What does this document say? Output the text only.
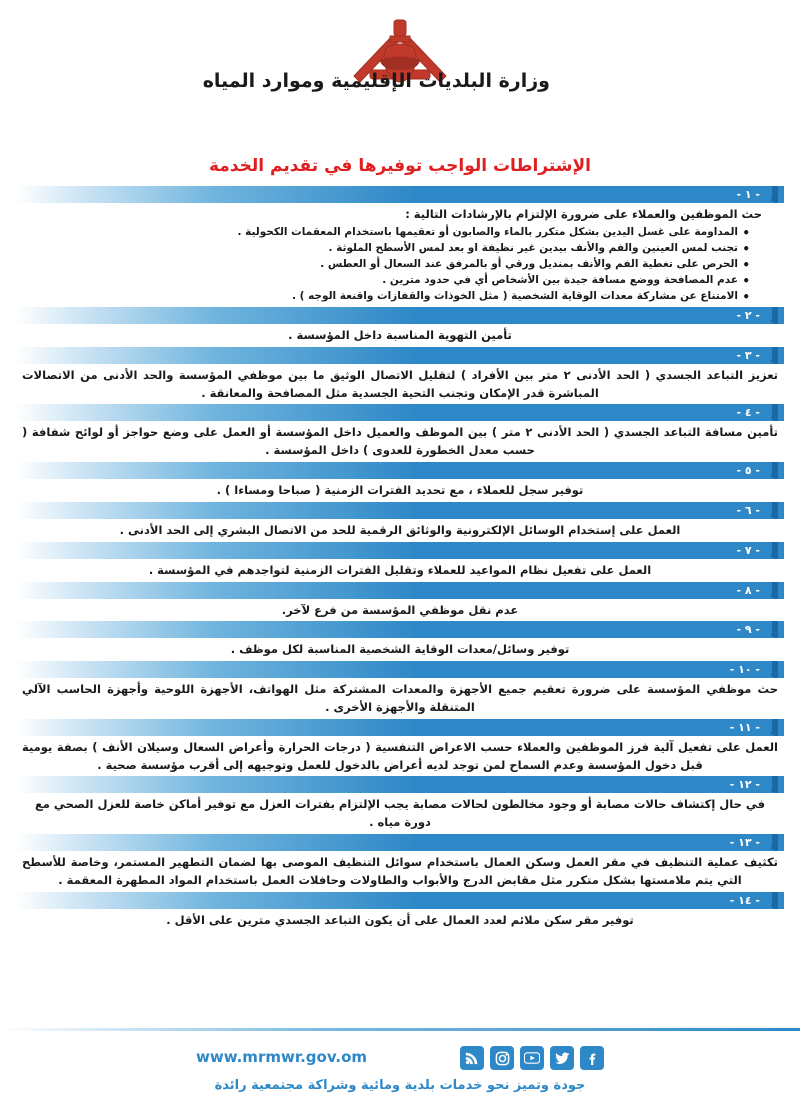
وزارة البلديات الإقليمية وموارد المياه
الإشتراطات الواجب توفيرها في تقديم الخدمة
- ١ -
حث الموظفين والعملاء على ضرورة الإلتزام بالإرشادات التالية :
• المداومة على غسل اليدين بشكل متكرر بالماء والصابون أو تعقيمها باستخدام المعقمات الكحولية .
• تجنب لمس العينين والفم والأنف بيدين غير نظيفة او بعد لمس الأسطح الملوثة .
• الحرص على تغطية الفم والأنف بمنديل ورقي أو بالمرفق عند السعال أو العطس .
• عدم المصافحة ووضع مسافة جيدة بين الأشخاص أي في حدود مترين .
• الامتناع عن مشاركة معدات الوقاية الشخصية ( مثل الخوذات والقفازات واقنعة الوجه ) .
- ٢ -
تأمين التهوية المناسبة داخل المؤسسة .
- ٣ -
تعزيز التباعد الجسدي ( الحد الأدنى ٢ متر بين الأفراد ) لتقليل الاتصال الوثيق ما بين موظفي المؤسسة والحد الأدنى من الاتصالات المباشرة قدر الإمكان وتجنب التحية الجسدية مثل المصافحة والمعانقة .
- ٤ -
تأمين مسافة التباعد الجسدي ( الحد الأدنى ٢ متر ) بين الموظف والعميل داخل المؤسسة أو العمل على وضع حواجز أو لوائح شفافة ( حسب معدل الخطورة للعدوى ) داخل المؤسسة .
- ٥ -
توفير سجل للعملاء ، مع تحديد الفترات الزمنية ( صباحا ومساءا ) .
- ٦ -
العمل على إستخدام الوسائل الإلكترونية والوثائق الرقمية للحد من الاتصال البشري إلى الحد الأدنى .
- ٧ -
العمل على تفعيل نظام المواعيد للعملاء وتقليل الفترات الزمنية لتواجدهم في المؤسسة .
- ٨ -
عدم نقل موظفي المؤسسة من فرع لآخر.
- ٩ -
توفير وسائل/معدات الوقاية الشخصية المناسبة لكل موظف .
- ١٠ -
حث موظفي المؤسسة على ضرورة تعقيم جميع الأجهزة والمعدات المشتركة مثل الهواتف، الأجهزة اللوحية وأجهزة الحاسب الآلي المتنقلة والأجهزة الأخرى .
- ١١ -
العمل على تفعيل آلية فرز الموظفين والعملاء حسب الاعراض التنفسية ( درجات الحرارة وأعراض السعال وسيلان الأنف ) بصفة يومية قبل دخول المؤسسة وعدم السماح لمن توجد لديه أعراض بالدخول للعمل وتوجيهه إلى أقرب مؤسسة صحية .
- ١٢ -
في حال إكتشاف حالات مصابة أو وجود مخالطون لحالات مصابة يجب الإلتزام بفترات العزل مع توفير أماكن خاصة للعزل الصحي مع دورة مياه .
- ١٣ -
تكثيف عملية التنظيف في مقر العمل وسكن العمال باستخدام سوائل التنظيف الموصى بها لضمان التطهير المستمر، وخاصة للأسطح التي يتم ملامستها بشكل متكرر مثل مقابض الدرج والأبواب والطاولات وحافلات العمل باستخدام المواد المطهرة المعقمة .
- ١٤ -
توفير مقر سكن ملائم لعدد العمال على أن يكون التباعد الجسدي مترين على الأقل .
www.mrmwr.gov.om
جودة وتميز نحو خدمات بلدية ومائية وشراكة مجتمعية رائدة
